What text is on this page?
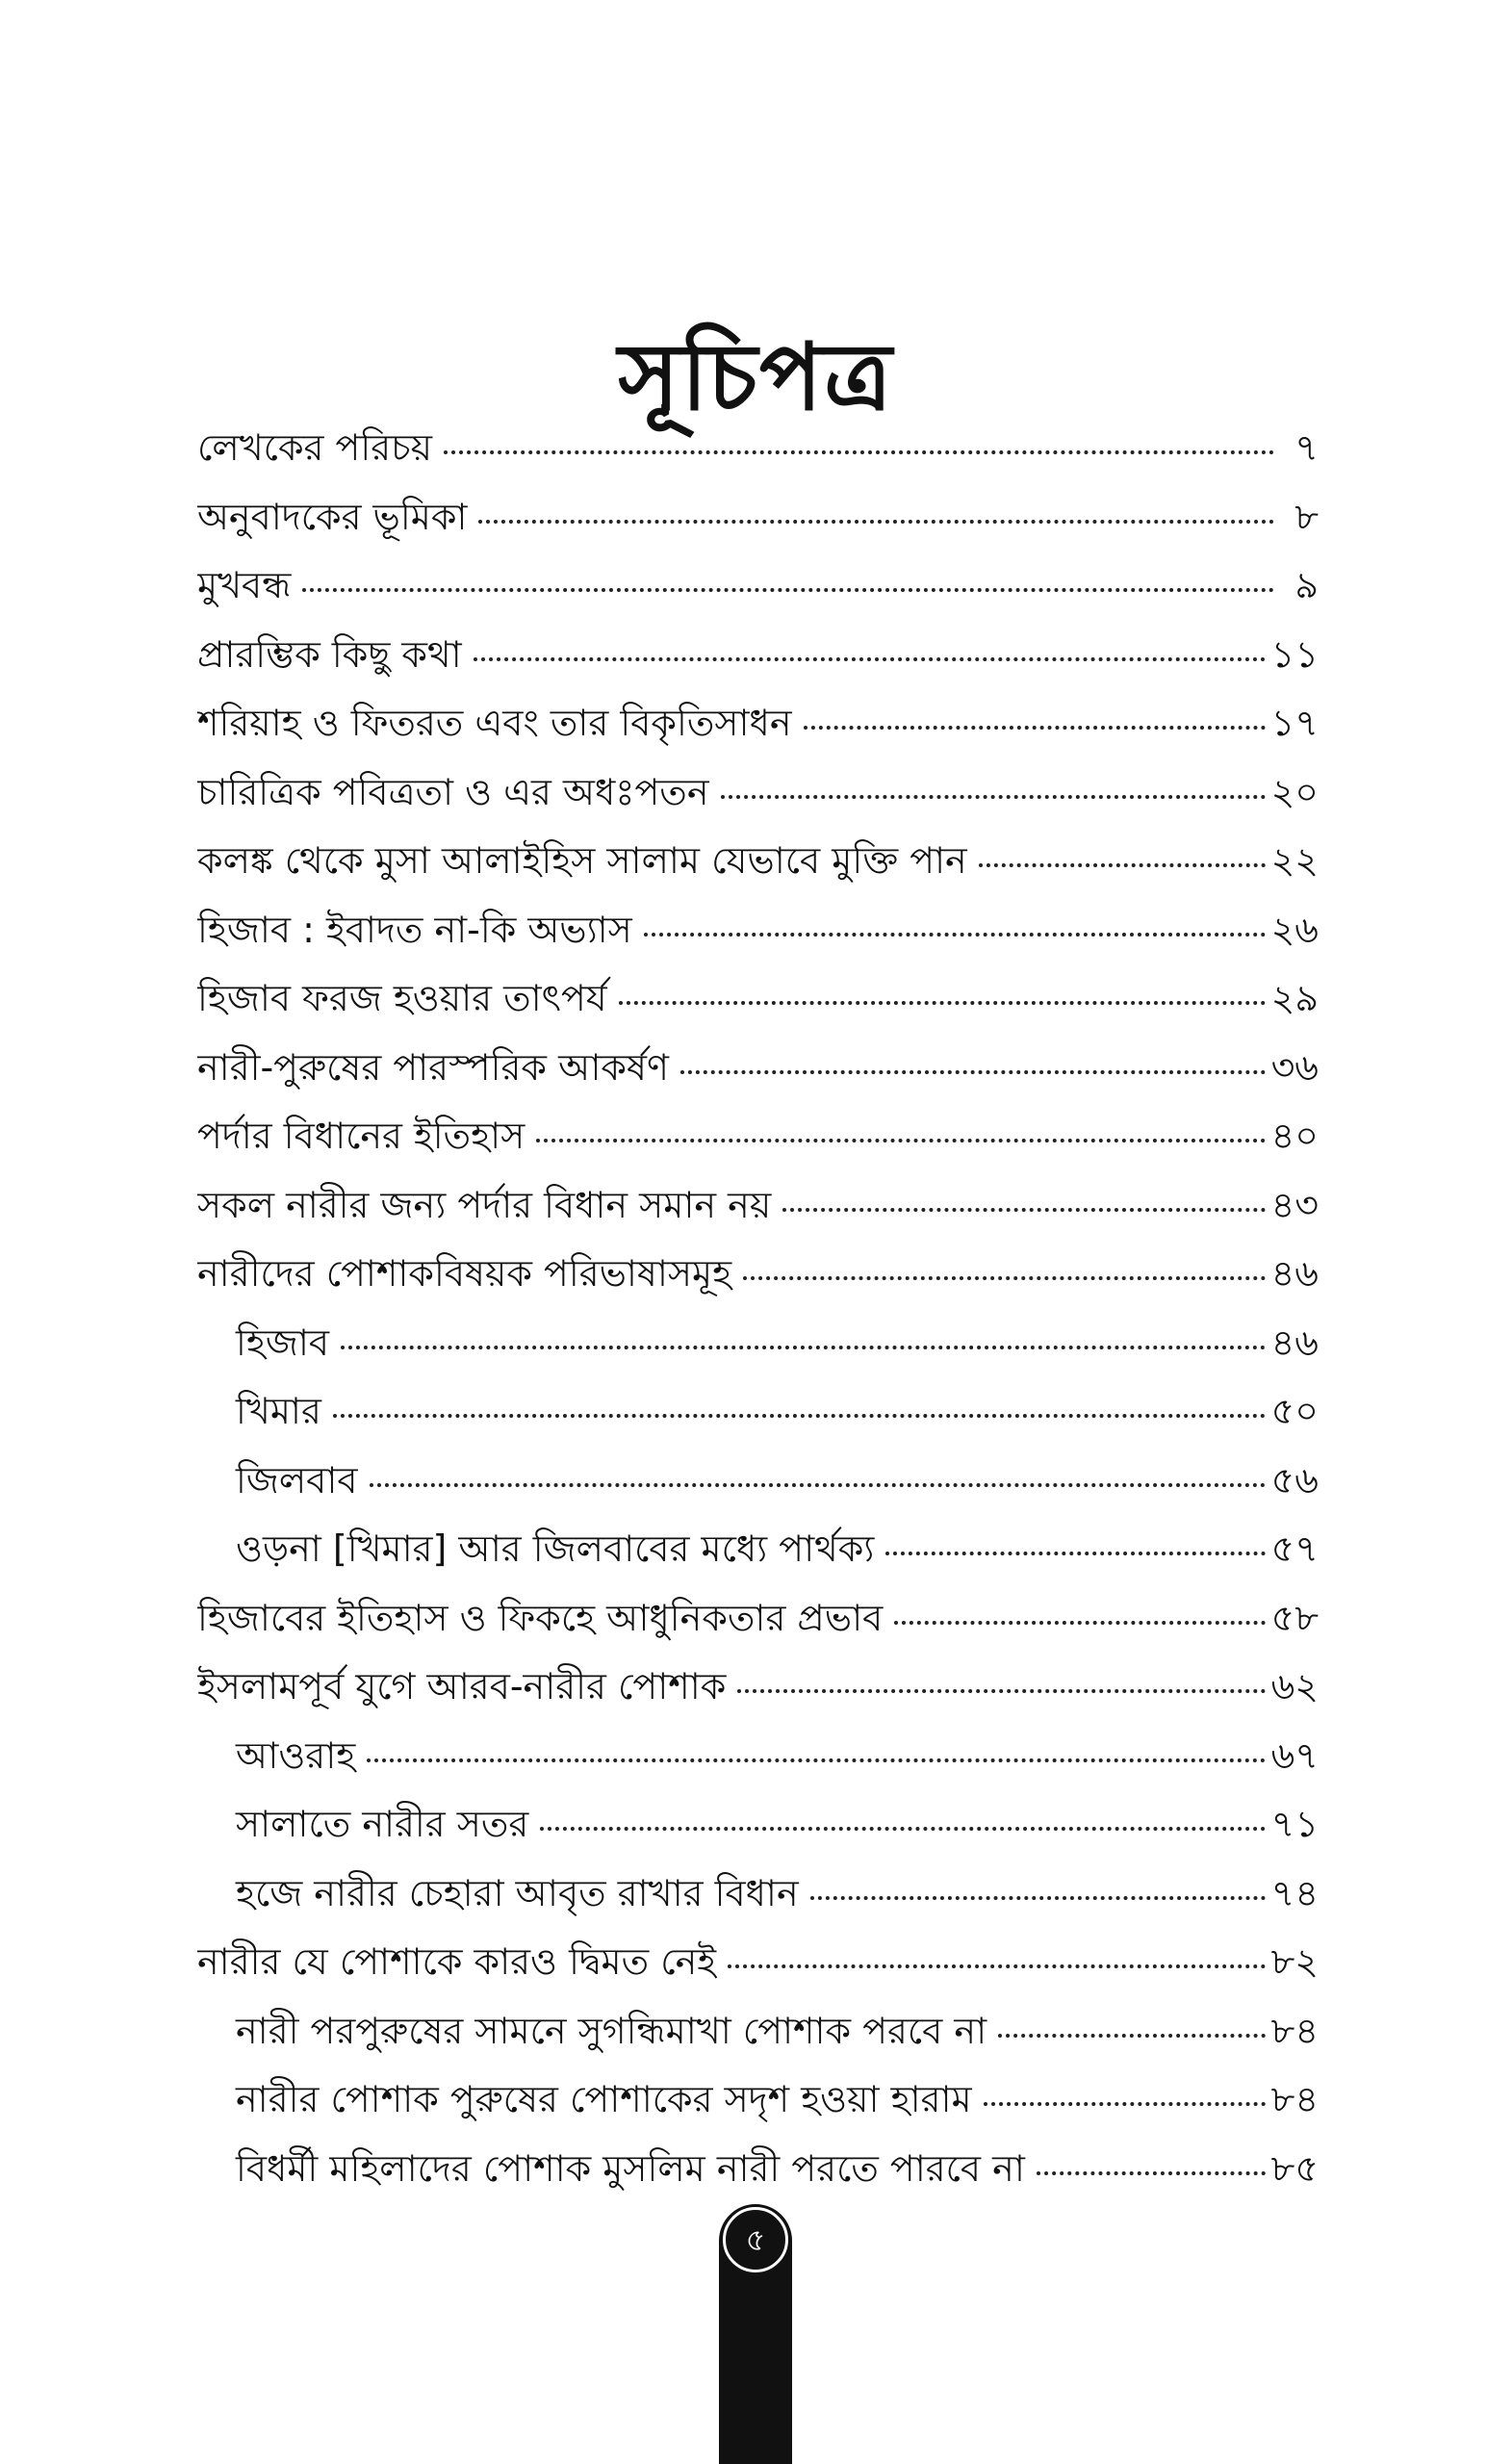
সূচিপত্র
লেখকের পরিচয়	৭
অনুবাদকের ভূমিকা	৮
মুখবন্ধ	৯
প্রারম্ভিক কিছু কথা	১১
শরিয়াহ ও ফিতরত এবং তার বিকৃতিসাধন	১৭
চারিত্রিক পবিত্রতা ও এর অধঃপতন	২০
কলঙ্ক থেকে মুসা আলাইহিস সালাম যেভাবে মুক্তি পান	২২
হিজাব : ইবাদত না-কি অভ্যাস	২৬
হিজাব ফরজ হওয়ার তাৎপর্য	২৯
নারী-পুরুষের পারস্পরিক আকর্ষণ	৩৬
পর্দার বিধানের ইতিহাস	৪০
সকল নারীর জন্য পর্দার বিধান সমান নয়	৪৩
নারীদের পোশাকবিষয়ক পরিভাষাসমূহ	৪৬
হিজাব	৪৬
খিমার	৫০
জিলবাব	৫৬
ওড়না [খিমার] আর জিলবাবের মধ্যে পার্থক্য	৫৭
হিজাবের ইতিহাস ও ফিকহে আধুনিকতার প্রভাব	৫৮
ইসলামপূর্ব যুগে আরব-নারীর পোশাক	৬২
আওরাহ	৬৭
সালাতে নারীর সতর	৭১
হজে নারীর চেহারা আবৃত রাখার বিধান	৭৪
নারীর যে পোশাকে কারও দ্বিমত নেই	৮২
নারী পরপুরুষের সামনে সুগন্ধিমাখা পোশাক পরবে না	৮৪
নারীর পোশাক পুরুষের পোশাকের সদৃশ হওয়া হারাম	৮৪
বিধর্মী মহিলাদের পোশাক মুসলিম নারী পরতে পারবে না	৮৫
৫
